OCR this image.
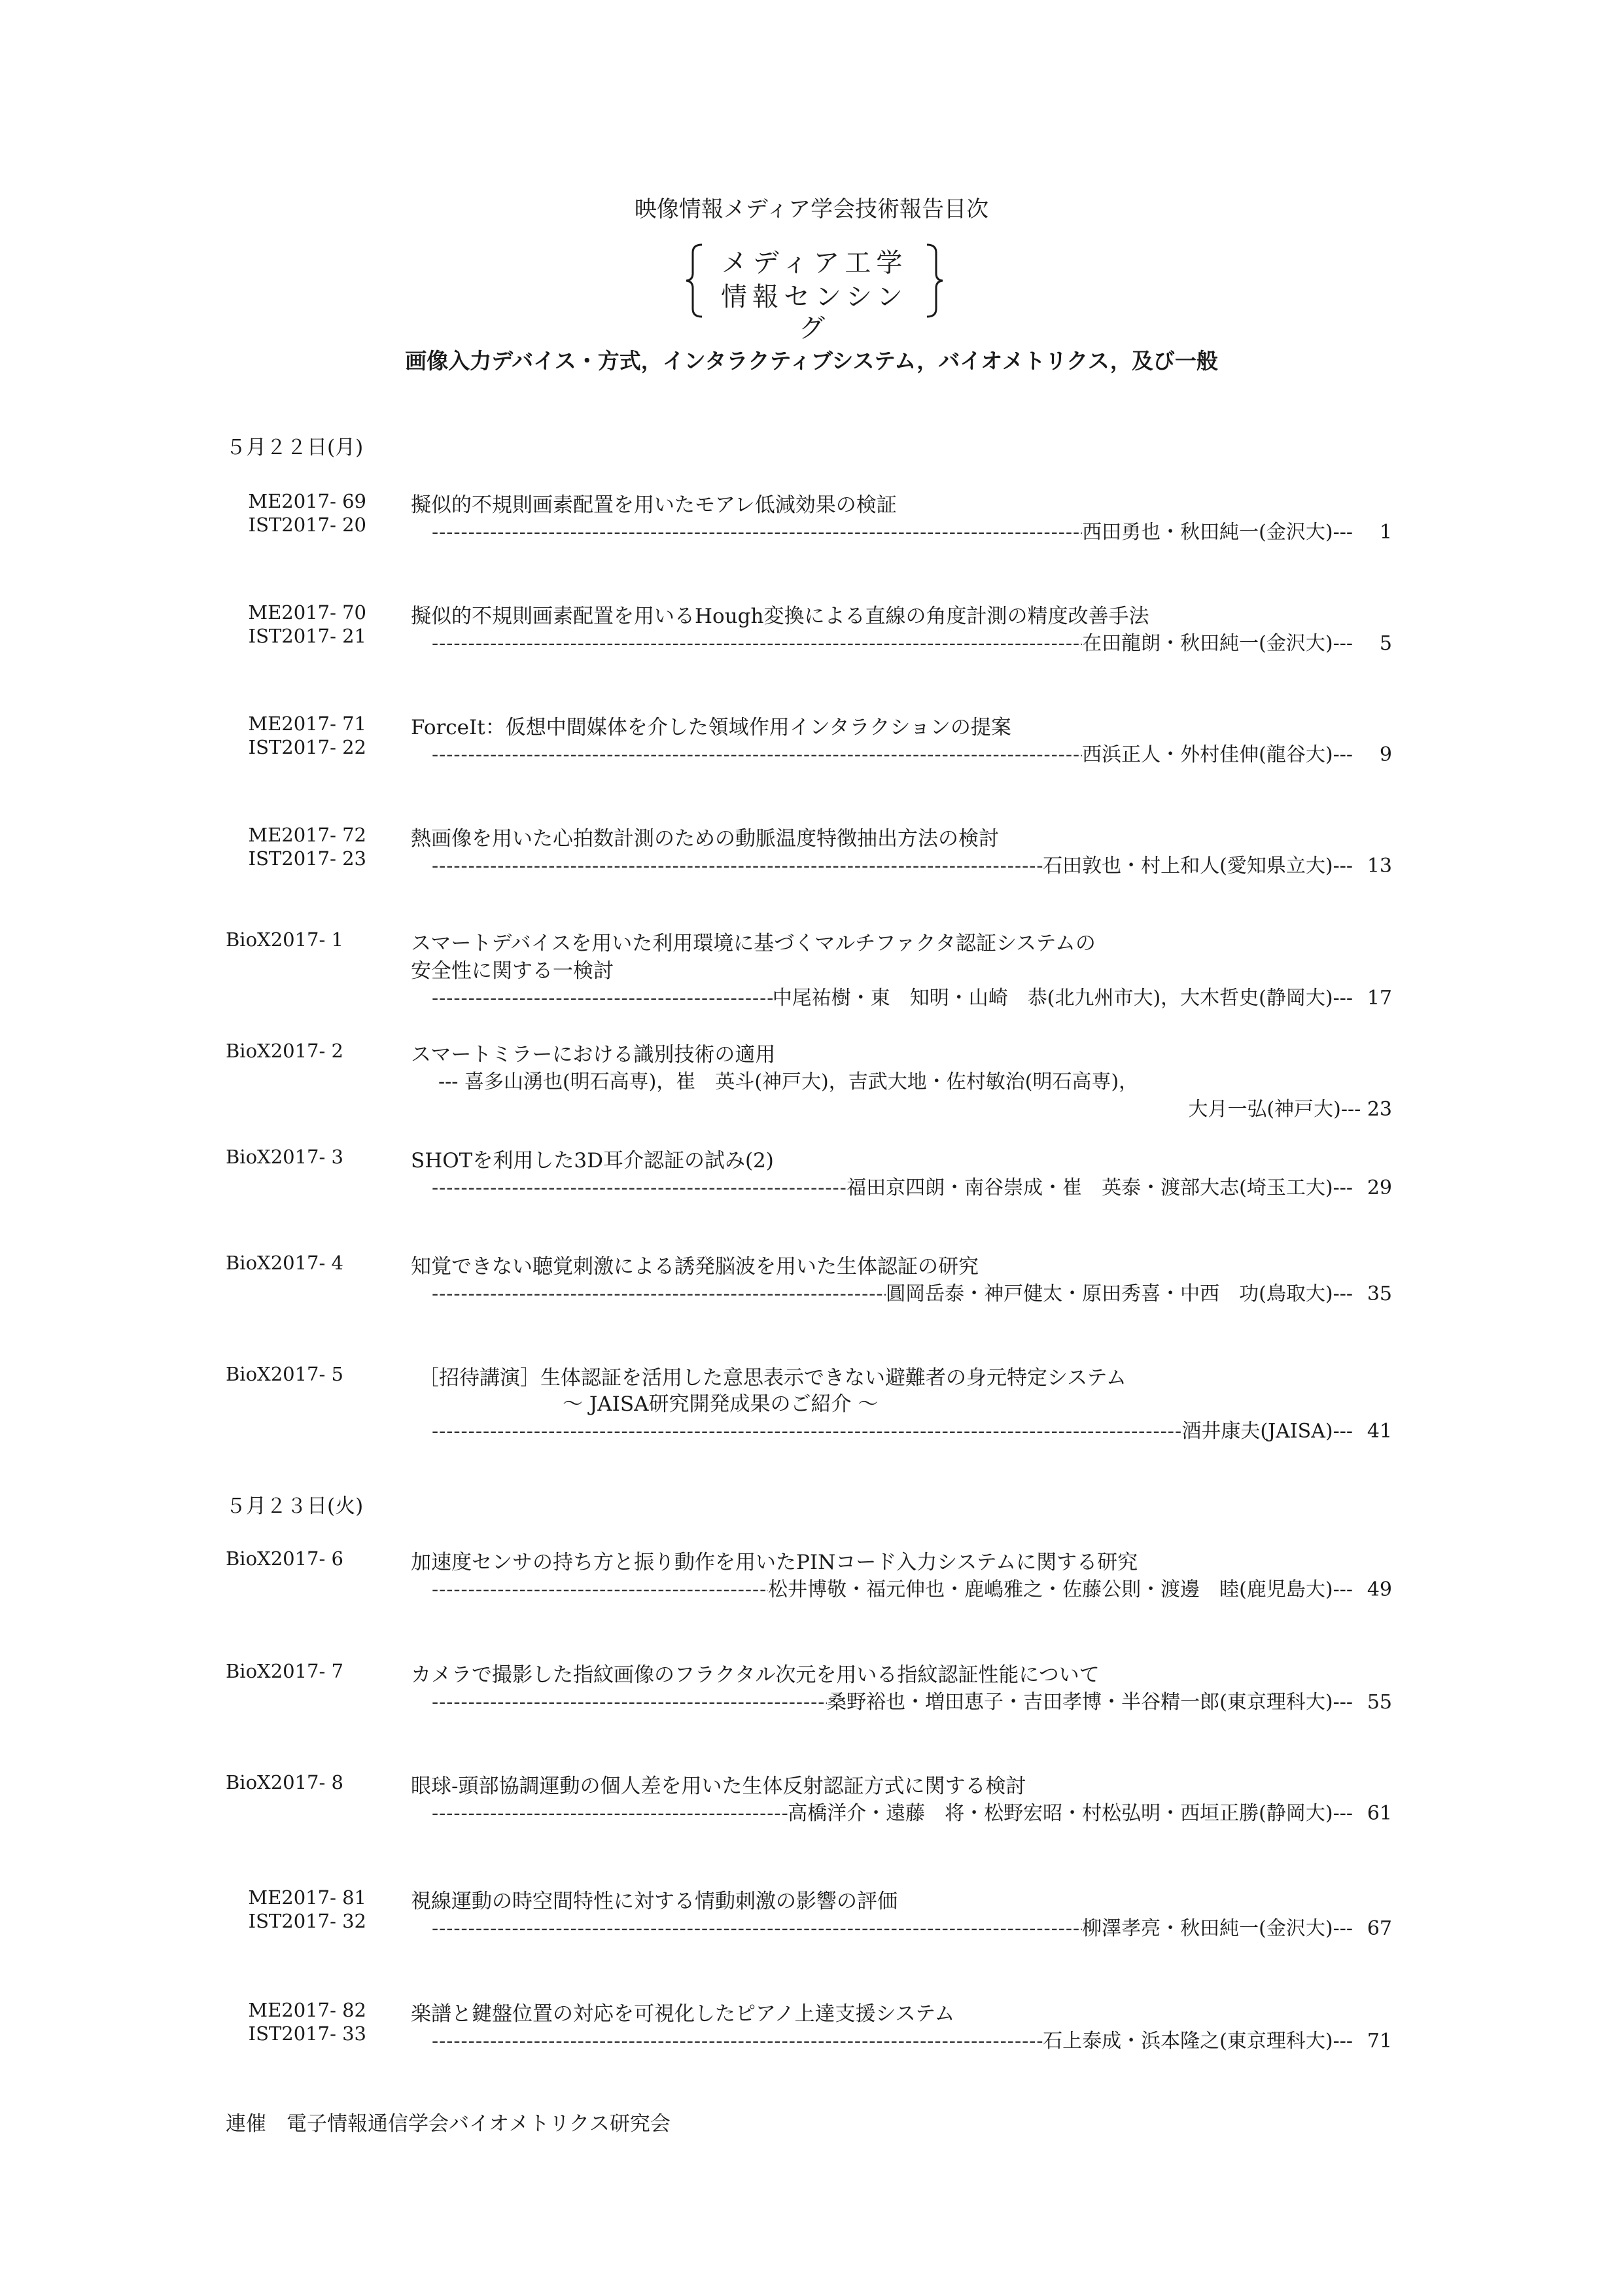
映像情報メディア学会技術報告目次
メディア工学
情報センシング
画像入力デバイス・方式，インタラクティブシステム，バイオメトリクス，及び一般
５月２２日(月)
ME2017- 69
IST2017- 20
擬似的不規則画素配置を用いたモアレ低減効果の検証
-----
西田勇也・秋田純一(金沢大) ---	1
ME2017- 70
IST2017- 21
擬似的不規則画素配置を用いるHough変換による直線の角度計測の精度改善手法
-----
在田龍朗・秋田純一(金沢大) ---	5
ME2017- 71
IST2017- 22
ForceIt：仮想中間媒体を介した領域作用インタラクションの提案
-----
西浜正人・外村佳伸(龍谷大) ---	9
ME2017- 72
IST2017- 23
熱画像を用いた心拍数計測のための動脈温度特徴抽出方法の検討
-----
石田敦也・村上和人(愛知県立大) --- 13
BioX2017- 1	スマートデバイスを用いた利用環境に基づくマルチファクタ認証システムの
安全性に関する一検討
-----
中尾祐樹・東　知明・山崎　恭(北九州市大)，大木哲史(静岡大) --- 17
BioX2017- 2	スマートミラーにおける識別技術の適用
--- 喜多山湧也(明石高専)，崔　英斗(神戸大)，吉武大地・佐村敏治(明石高専)，
大月一弘(神戸大)--- 23
BioX2017- 3	SHOTを利用した3D耳介認証の試み(2)
-----
福田京四朗・南谷崇成・崔　英泰・渡部大志(埼玉工大) --- 29
BioX2017- 4	知覚できない聴覚刺激による誘発脳波を用いた生体認証の研究
-----
圓岡岳泰・神戸健太・原田秀喜・中西　功(鳥取大) --- 35
BioX2017- 5	［招待講演］生体認証を活用した意思表示できない避難者の身元特定システム
～ JAISA研究開発成果のご紹介 ～
-----
酒井康夫(JAISA) --- 41
５月２３日(火)
BioX2017- 6	加速度センサの持ち方と振り動作を用いたPINコード入力システムに関する研究
-----
松井博敬・福元伸也・鹿嶋雅之・佐藤公則・渡邊　睦(鹿児島大) --- 49
BioX2017- 7	カメラで撮影した指紋画像のフラクタル次元を用いる指紋認証性能について
-----
桑野裕也・増田恵子・吉田孝博・半谷精一郎(東京理科大) --- 55
BioX2017- 8	眼球-頭部協調運動の個人差を用いた生体反射認証方式に関する検討
-----
高橋洋介・遠藤　将・松野宏昭・村松弘明・西垣正勝(静岡大) --- 61
ME2017- 81
IST2017- 32
視線運動の時空間特性に対する情動刺激の影響の評価
-----
柳澤孝亮・秋田純一(金沢大) --- 67
ME2017- 82
IST2017- 33
楽譜と鍵盤位置の対応を可視化したピアノ上達支援システム
-----
石上泰成・浜本隆之(東京理科大) --- 71
連催　電子情報通信学会バイオメトリクス研究会
